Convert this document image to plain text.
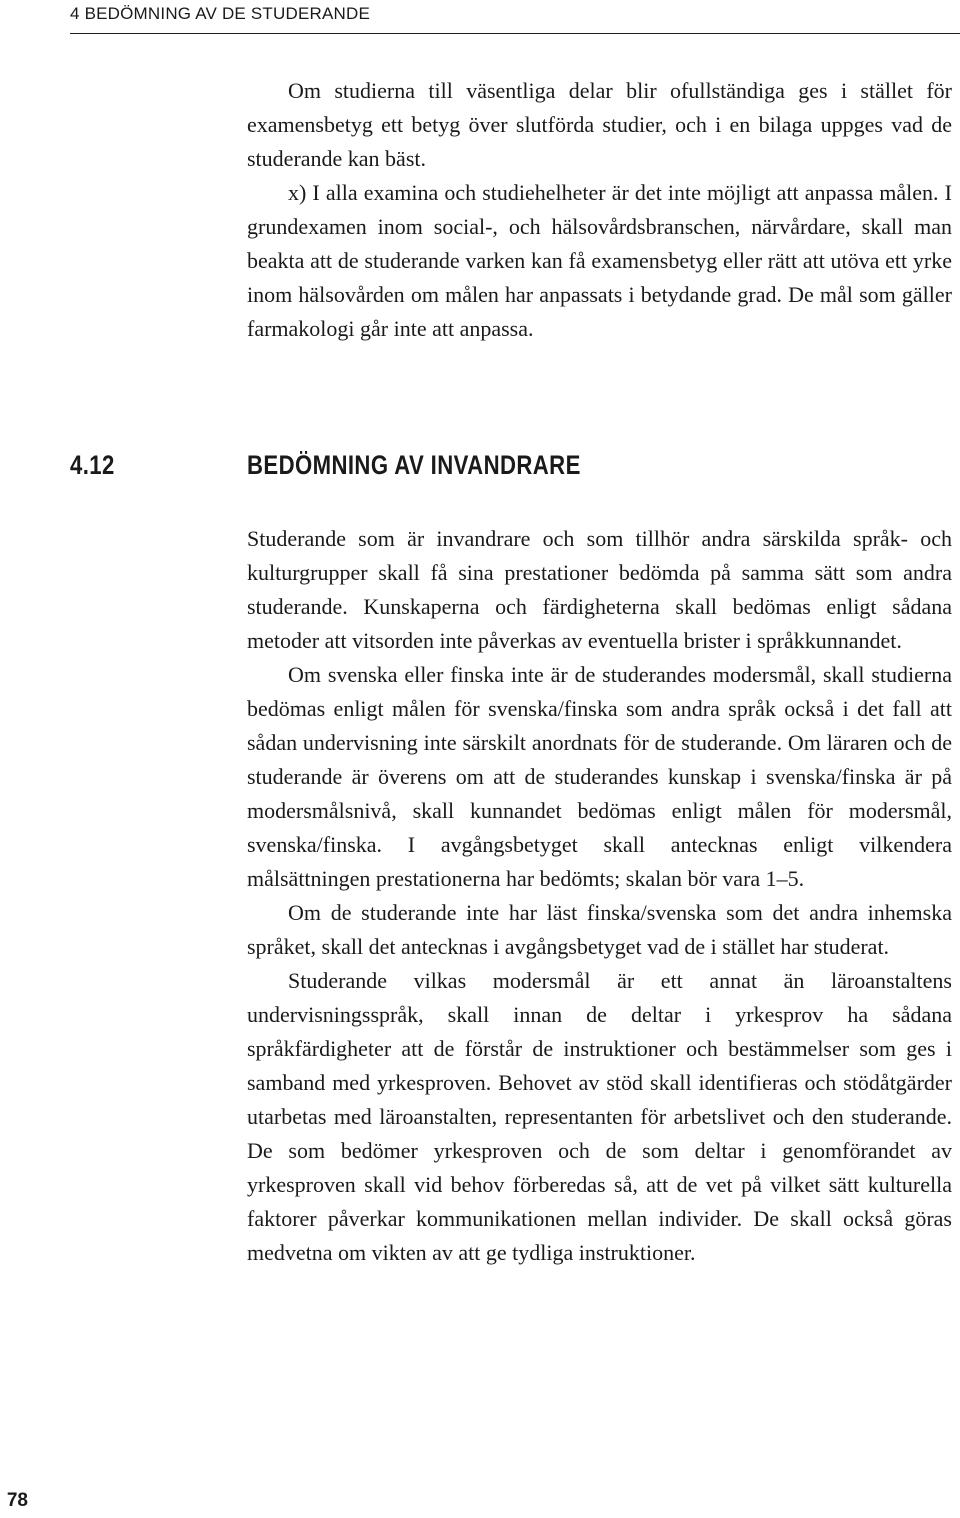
4 BEDÖMNING AV DE STUDERANDE

Om studierna till väsentliga delar blir ofullständiga ges i stället för examensbetyg ett betyg över slutförda studier, och i en bilaga uppges vad de studerande kan bäst.

x) I alla examina och studiehelheter är det inte möjligt att anpassa målen. I grundexamen inom social-, och hälsovårdsbranschen, närvårdare, skall man beakta att de studerande varken kan få examensbetyg eller rätt att utöva ett yrke inom hälsovården om målen har anpassats i betydande grad. De mål som gäller farmakologi går inte att anpassa.

4.12	BEDÖMNING AV INVANDRARE

Studerande som är invandrare och som tillhör andra särskilda språk- och kulturgrupper skall få sina prestationer bedömda på samma sätt som andra studerande. Kunskaperna och färdigheterna skall bedömas enligt sådana metoder att vitsorden inte påverkas av eventuella brister i språkkunnandet.

Om svenska eller finska inte är de studerandes modersmål, skall studierna bedömas enligt målen för svenska/finska som andra språk också i det fall att sådan undervisning inte särskilt anordnats för de studerande. Om läraren och de studerande är överens om att de studerandes kunskap i svenska/finska är på modersmålsnivå, skall kunnandet bedömas enligt målen för modersmål, svenska/finska. I avgångsbetyget skall antecknas enligt vilkendera målsättningen prestationerna har bedömts; skalan bör vara 1–5.

Om de studerande inte har läst finska/svenska som det andra inhemska språket, skall det antecknas i avgångsbetyget vad de i stället har studerat.

Studerande vilkas modersmål är ett annat än läroanstaltens undervisningsspråk, skall innan de deltar i yrkesprov ha sådana språkfärdigheter att de förstår de instruktioner och bestämmelser som ges i samband med yrkesproven. Behovet av stöd skall identifieras och stödåtgärder utarbetas med läroanstalten, representanten för arbetslivet och den studerande. De som bedömer yrkesproven och de som deltar i genomförandet av yrkesproven skall vid behov förberedas så, att de vet på vilket sätt kulturella faktorer påverkar kommunikationen mellan individer. De skall också göras medvetna om vikten av att ge tydliga instruktioner.

78
